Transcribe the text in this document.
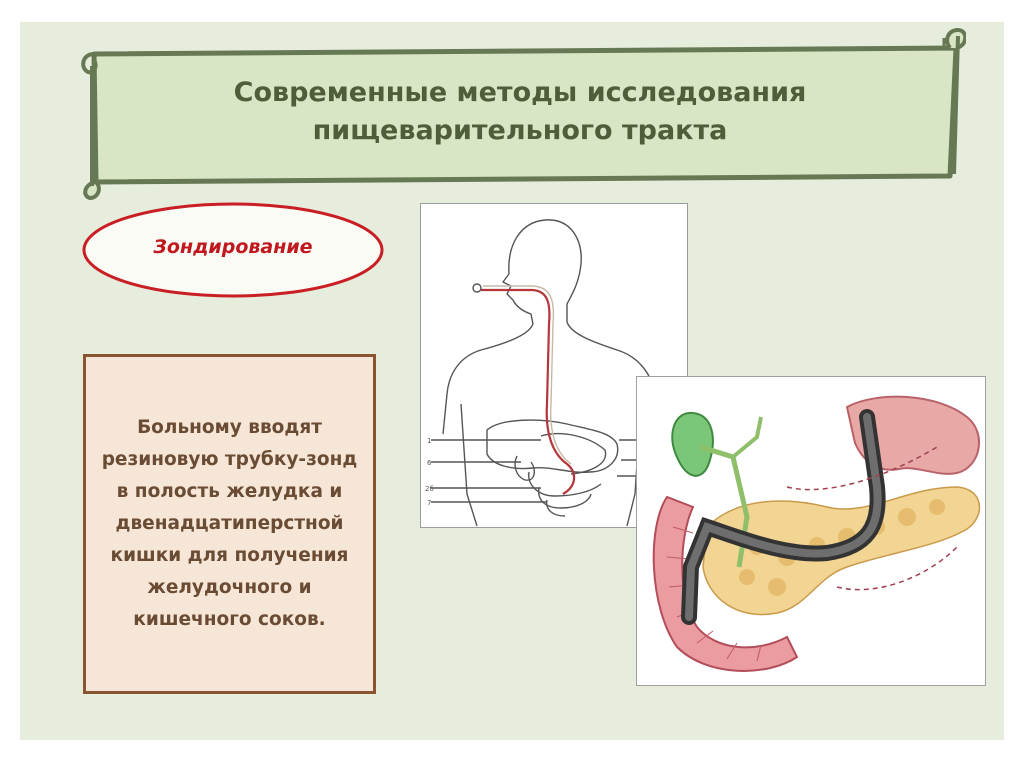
Современные методы исследования
пищеварительного тракта
Зондирование
Больному вводят резиновую трубку-зонд в полость желудка и двенадцатиперстной кишки для получения желудочного и кишечного соков.
1
6
2б
7
